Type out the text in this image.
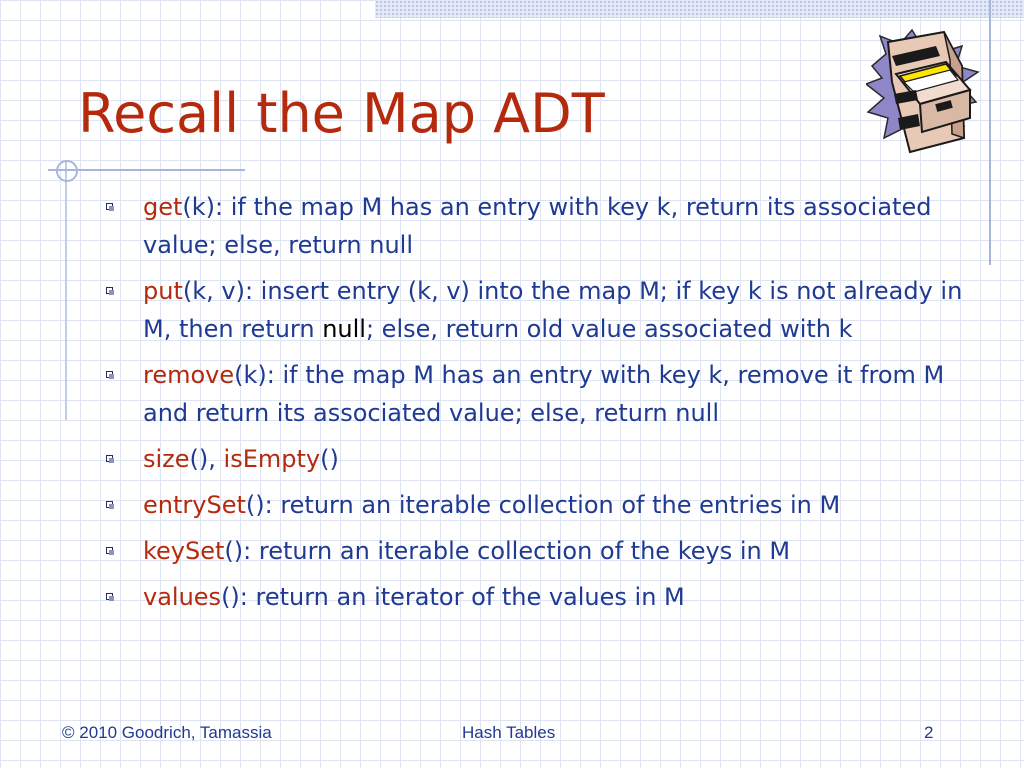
Recall the Map ADT
get(k): if the map M has an entry with key k, return its associated value; else, return null
put(k, v): insert entry (k, v) into the map M; if key k is not already in M, then return null; else, return old value associated with k
remove(k): if the map M has an entry with key k, remove it from M and return its associated value; else, return null
size(), isEmpty()
entrySet(): return an iterable collection of the entries in M
keySet(): return an iterable collection of the keys in M
values(): return an iterator of the values in M
© 2010 Goodrich, Tamassia	Hash Tables	2
